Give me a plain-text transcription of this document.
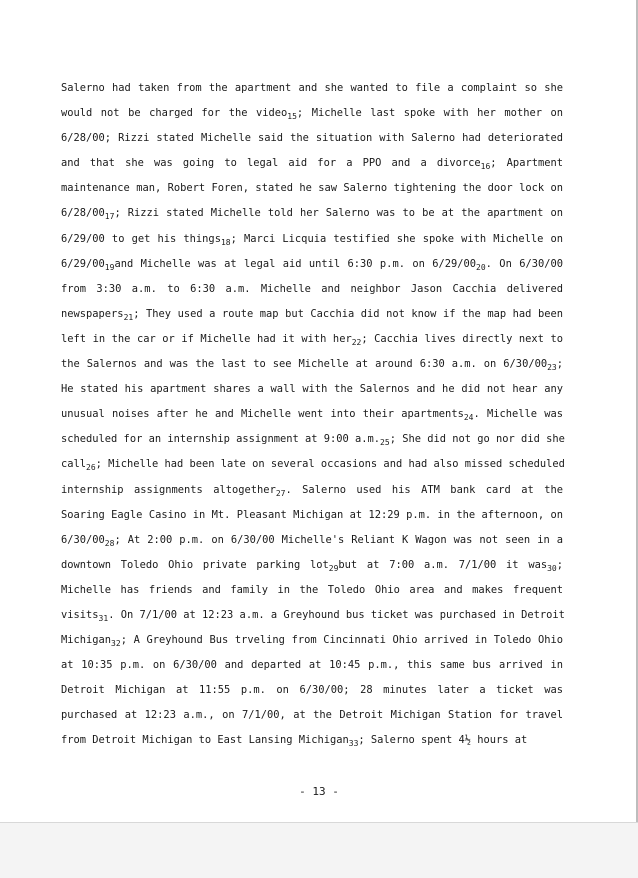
Salerno had taken from the apartment and she wanted to file a complaint so she
would not be charged for the video$_{15}$; Michelle last spoke with her mother on
6/28/00; Rizzi stated Michelle said the situation with Salerno had deteriorated
and that she was going to legal aid for a PPO and a divorce$_{16}$; Apartment
maintenance man, Robert Foren, stated he saw Salerno tightening the door lock on
$6/28/00_{17}$; Rizzi stated Michelle told her Salerno was to be at the apartment on
6/29/00 to get his things$_{18}$; Marci Licquia testified she spoke with Michelle on
$6/29/00_{19}and$ Michelle was at legal aid until 6:30 p.m. on $6/29/00_{20}$. On 6/30/00
from 3:30 a.m. to 6:30 a.m. Michelle and neighbor Jason Cacchia delivered
newspapers$_{21}$; They used a route map but Cacchia did not know if the map had been
left in the car or if Michelle had it with her$_{22}$; Cacchia lives directly next to
the Salernos and was the last to see Michelle at around 6:30 a.m. on $6/30/00_{23}$;
He stated his apartment shares a wall with the Salernos and he did not hear any
unusual noises after he and Michelle went into their apartments$_{24}$. Michelle was
scheduled for an internship assignment at 9:00 $a.m._{25}$; She did not go nor did she
call$_{26}$; Michelle had been late on several occasions and had also missed scheduled
internship assignments altogether$_{27}$. Salerno used his ATM bank card at the
Soaring Eagle Casino in Mt. Pleasant Michigan at 12:29 p.m. in the afternoon, on
$6/30/00_{28}$; At 2:00 p.m. on 6/30/00 Michelle's Reliant K Wagon was not seen in a
downtown Toledo Ohio private parking lot$_{29}$but at 7:00 a.m. 7/1/00 it was$_{30}$;
Michelle has friends and family in the Toledo Ohio area and makes frequent
visits$_{31}$. On 7/1/00 at 12:23 a.m. a Greyhound bus ticket was purchased in Detroit
Michigan$_{32}$; A Greyhound Bus trveling from Cincinnati Ohio arrived in Toledo Ohio
at 10:35 p.m. on 6/30/00 and departed at 10:45 p.m., this same bus arrived in
Detroit Michigan at 11:55 p.m. on 6/30/00; 28 minutes later a ticket was
purchased at 12:23 a.m., on 7/1/00, at the Detroit Michigan Station for travel
from Detroit Michigan to East Lansing Michigan$_{33}$; Salerno spent 4½ hours at
- 13 -
